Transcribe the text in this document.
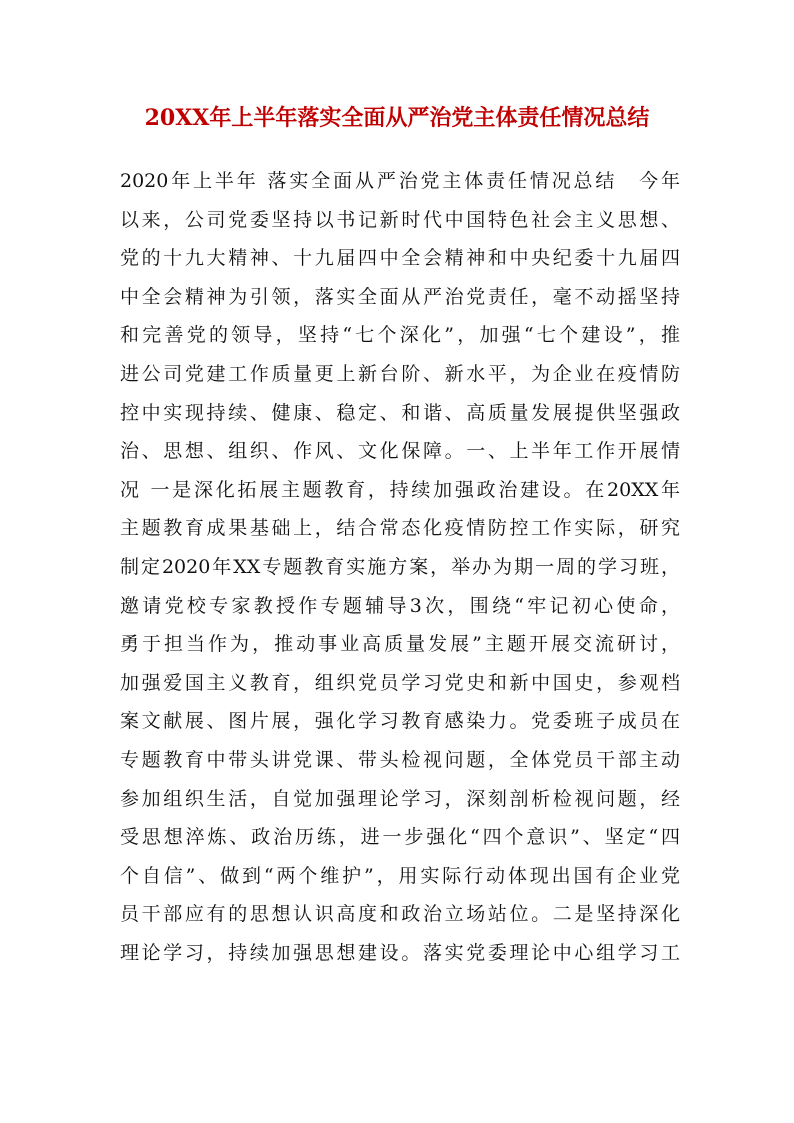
20XX年上半年落实全面从严治党主体责任情况总结
2020年上半年 落实全面从严治党主体责任情况总结　今年
以来，公司党委坚持以书记新时代中国特色社会主义思想、
党的十九大精神、十九届四中全会精神和中央纪委十九届四
中全会精神为引领，落实全面从严治党责任，毫不动摇坚持
和完善党的领导，坚持“七个深化”，加强“七个建设”，推
进公司党建工作质量更上新台阶、新水平，为企业在疫情防
控中实现持续、健康、稳定、和谐、高质量发展提供坚强政
治、思想、组织、作风、文化保障。一、上半年工作开展情
况 一是深化拓展主题教育，持续加强政治建设。在20XX年
主题教育成果基础上，结合常态化疫情防控工作实际，研究
制定2020年XX专题教育实施方案，举办为期一周的学习班，
邀请党校专家教授作专题辅导3次，围绕“牢记初心使命，
勇于担当作为，推动事业高质量发展”主题开展交流研讨，
加强爱国主义教育，组织党员学习党史和新中国史，参观档
案文献展、图片展，强化学习教育感染力。党委班子成员在
专题教育中带头讲党课、带头检视问题，全体党员干部主动
参加组织生活，自觉加强理论学习，深刻剖析检视问题，经
受思想淬炼、政治历练，进一步强化“四个意识”、坚定“四
个自信”、做到“两个维护”，用实际行动体现出国有企业党
员干部应有的思想认识高度和政治立场站位。二是坚持深化
理论学习，持续加强思想建设。落实党委理论中心组学习工
